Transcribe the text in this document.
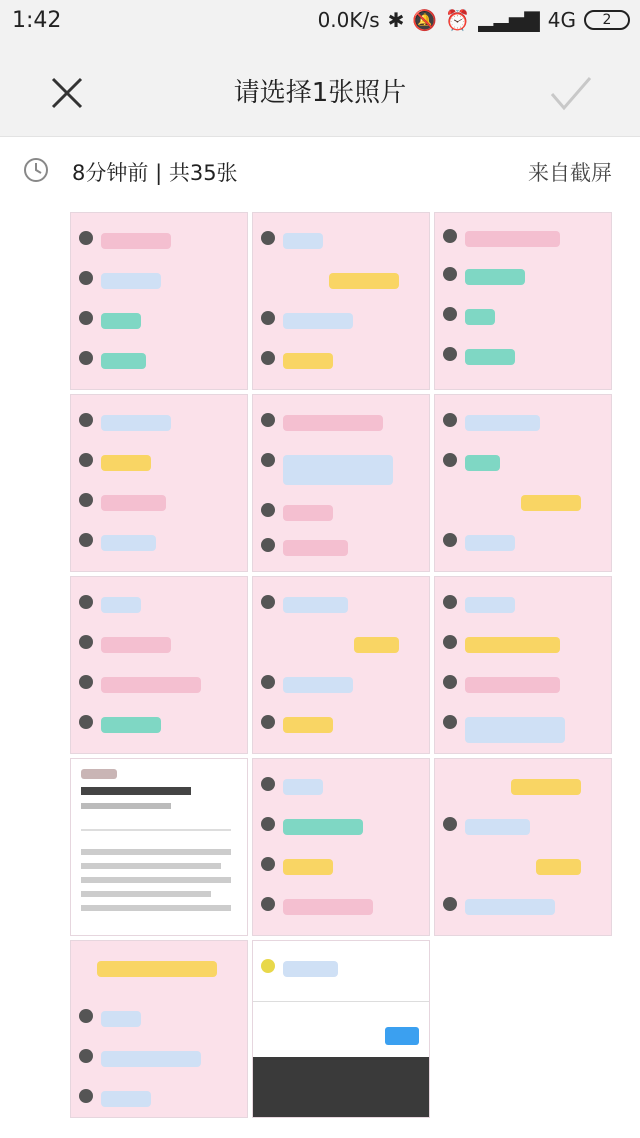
1:42	0.0K/s ✱ 🔕 ⏰ ▂▃▅▇ 4G 2
请选择1张照片
8分钟前 | 共35张	来自截屏
